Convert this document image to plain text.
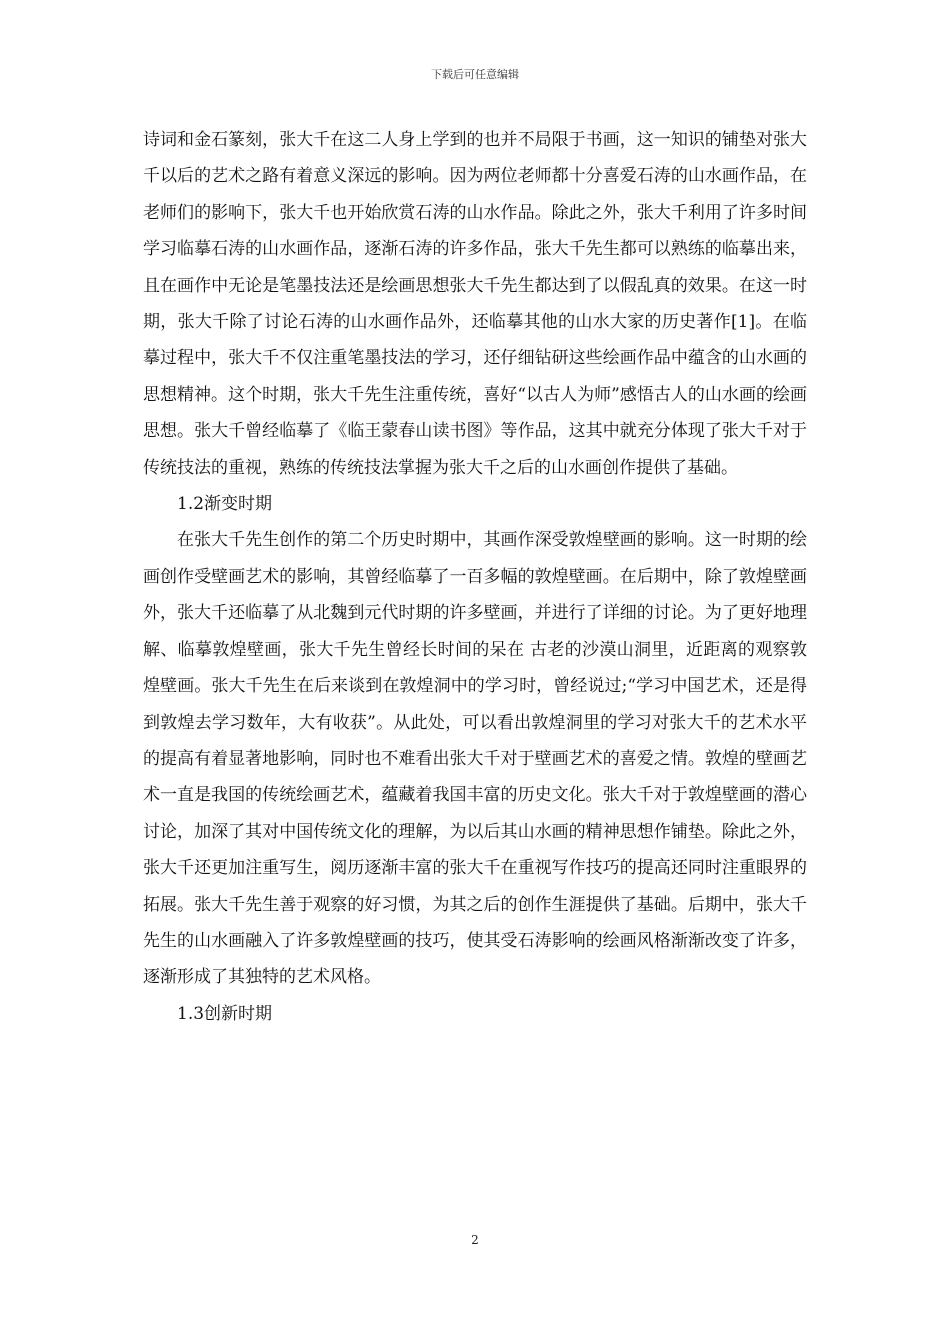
下载后可任意编辑

诗词和金石篆刻，张大千在这二人身上学到的也并不局限于书画，这一知识的铺垫对张大千以后的艺术之路有着意义深远的影响。因为两位老师都十分喜爱石涛的山水画作品，在老师们的影响下，张大千也开始欣赏石涛的山水作品。除此之外，张大千利用了许多时间学习临摹石涛的山水画作品，逐渐石涛的许多作品，张大千先生都可以熟练的临摹出来，且在画作中无论是笔墨技法还是绘画思想张大千先生都达到了以假乱真的效果。在这一时期，张大千除了讨论石涛的山水画作品外，还临摹其他的山水大家的历史著作[1]。在临摹过程中，张大千不仅注重笔墨技法的学习，还仔细钻研这些绘画作品中蕴含的山水画的思想精神。这个时期，张大千先生注重传统，喜好“以古人为师”感悟古人的山水画的绘画思想。张大千曾经临摹了《临王蒙春山读书图》等作品，这其中就充分体现了张大千对于传统技法的重视，熟练的传统技法掌握为张大千之后的山水画创作提供了基础。

1.2渐变时期

在张大千先生创作的第二个历史时期中，其画作深受敦煌壁画的影响。这一时期的绘画创作受壁画艺术的影响，其曾经临摹了一百多幅的敦煌壁画。在后期中，除了敦煌壁画外，张大千还临摹了从北魏到元代时期的许多壁画，并进行了详细的讨论。为了更好地理解、临摹敦煌壁画，张大千先生曾经长时间的呆在 古老的沙漠山洞里，近距离的观察敦煌壁画。张大千先生在后来谈到在敦煌洞中的学习时，曾经说过;“学习中国艺术，还是得到敦煌去学习数年，大有收获”。从此处，可以看出敦煌洞里的学习对张大千的艺术水平的提高有着显著地影响，同时也不难看出张大千对于壁画艺术的喜爱之情。敦煌的壁画艺术一直是我国的传统绘画艺术，蕴藏着我国丰富的历史文化。张大千对于敦煌壁画的潜心讨论，加深了其对中国传统文化的理解，为以后其山水画的精神思想作铺垫。除此之外，张大千还更加注重写生，阅历逐渐丰富的张大千在重视写作技巧的提高还同时注重眼界的拓展。张大千先生善于观察的好习惯，为其之后的创作生涯提供了基础。后期中，张大千先生的山水画融入了许多敦煌壁画的技巧，使其受石涛影响的绘画风格渐渐改变了许多，逐渐形成了其独特的艺术风格。

1.3创新时期

2
